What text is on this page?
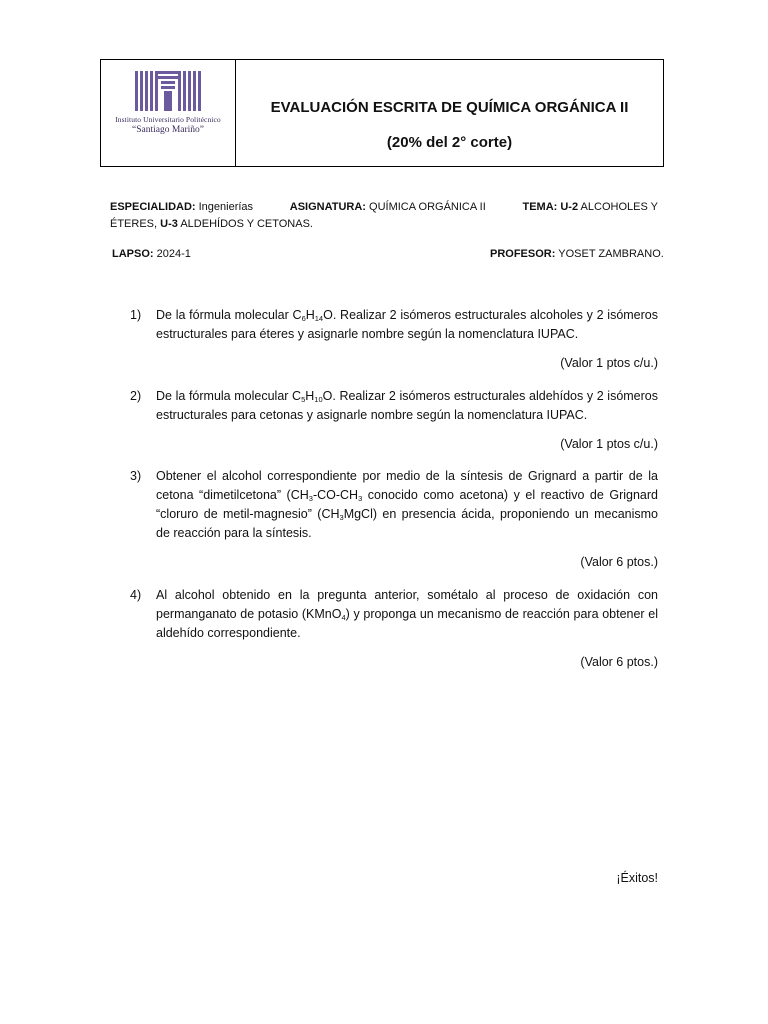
Instituto Universitario Politécnico
“Santiago Mariño”
EVALUACIÓN ESCRITA DE QUÍMICA ORGÁNICA II
(20% del 2° corte)
ESPECIALIDAD: Ingenierías	ASIGNATURA: QUÍMICA ORGÁNICA II	TEMA: U-2 ALCOHOLES Y
ÉTERES, U-3 ALDEHÍDOS Y CETONAS.
LAPSO: 2024-1	PROFESOR: YOSET ZAMBRANO.
1) De la fórmula molecular $C_6H_{14}O$. Realizar 2 isómeros estructurales alcoholes y 2 isómeros estructurales para éteres y asignarle nombre según la nomenclatura IUPAC.
(Valor 1 ptos c/u.)
2) De la fórmula molecular $C_5H_{10}O$. Realizar 2 isómeros estructurales aldehídos y 2 isómeros estructurales para cetonas y asignarle nombre según la nomenclatura IUPAC.
(Valor 1 ptos c/u.)
3) Obtener el alcohol correspondiente por medio de la síntesis de Grignard a partir de la cetona “dimetilcetona” ($CH_3-CO-CH_3$ conocido como acetona) y el reactivo de Grignard “cloruro de metil-magnesio” $(CH_3MgCl)$ en presencia ácida, proponiendo un mecanismo de reacción para la síntesis.
(Valor 6 ptos.)
4) Al alcohol obtenido en la pregunta anterior, sométalo al proceso de oxidación con permanganato de potasio (KMnO$_4$) y proponga un mecanismo de reacción para obtener el aldehído correspondiente.
(Valor 6 ptos.)
¡Éxitos!
